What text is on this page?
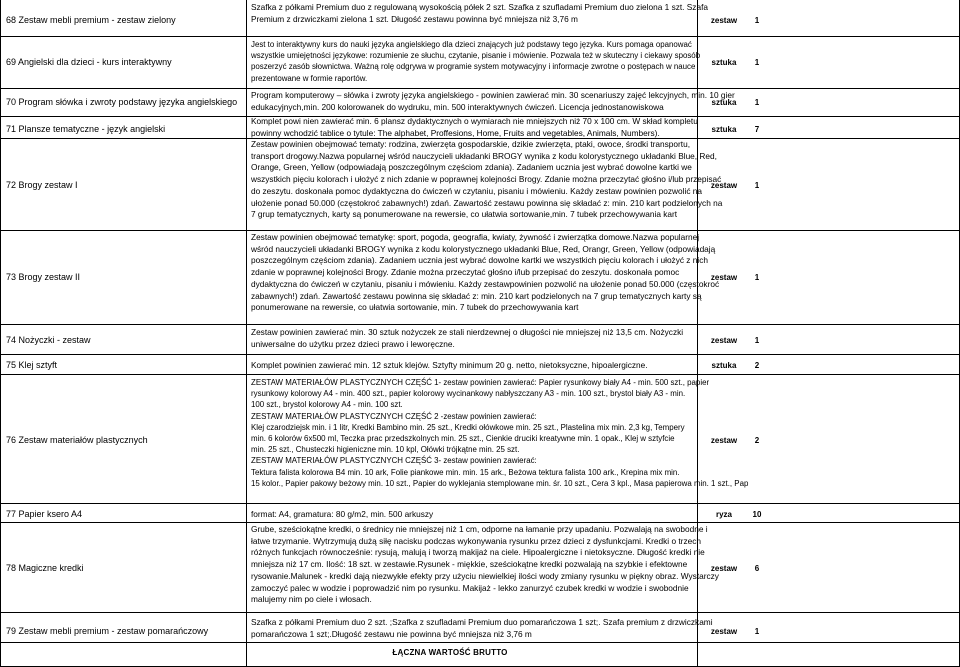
68 Zestaw mebli premium - zestaw zielony
Szafka z półkami Premium duo z regulowaną wysokością półek 2 szt. Szafka z szufladami Premium duo zielona 1 szt. Szafa
Premium z drzwiczkami zielona 1 szt. Długość zestawu powinna być mniejsza niż 3,76 m	zestaw	1
69 Angielski dla dzieci - kurs interaktywny
Jest to interaktywny kurs do nauki języka angielskiego dla dzieci znających już podstawy tego języka. Kurs pomaga opanować
wszystkie umiejętności językowe: rozumienie ze słuchu, czytanie, pisanie i mówienie. Pozwala też w skuteczny i ciekawy sposób
poszerzyć zasób słownictwa. Ważną rolę odgrywa w programie system motywacyjny i informacje zwrotne o postępach w nauce
prezentowane w formie raportów.
sztuka	1
70 Program słówka i zwroty podstawy języka angielskiego
Program komputerowy – słówka i zwroty języka angielskiego - powinien zawierać min. 30 scenariuszy zajęć lekcyjnych, min. 10 gier
edukacyjnych,min. 200 kolorowanek do wydruku, min. 500 interaktywnych ćwiczeń. Licencja jednostanowiskowa	sztuka	1
71 Plansze tematyczne - język angielski
Komplet powi nien zawierać min. 6 plansz dydaktycznych o wymiarach nie mniejszych niż 70 x 100 cm. W skład kompletu
powinny wchodzić tablice o tytule: The alphabet, Proffesions, Home, Fruits and vegetables, Animals, Numbers).	sztuka	7
72 Brogy zestaw I
Zestaw powinien obejmować tematy: rodzina, zwierzęta gospodarskie, dzikie zwierzęta, ptaki, owoce, środki transportu,
transport drogowy.Nazwa popularnej wśród nauczycieli układanki BROGY wynika z kodu kolorystycznego układanki Blue, Red,
Orange, Green, Yellow (odpowiadają poszczególnym częściom zdania). Zadaniem ucznia jest wybrać dowolne kartki we
wszystkich pięciu kolorach i ułożyć z nich zdanie w poprawnej kolejności Brogy. Zdanie można przeczytać głośno i/lub przepisać
do zeszytu. doskonała pomoc dydaktyczna do ćwiczeń w czytaniu, pisaniu i mówieniu. Każdy zestaw powinien pozwolić na
ułożenie ponad 50.000 (częstokroć zabawnych!) zdań. Zawartość zestawu powinna się składać z: min. 210 kart podzielonych na
7 grup tematycznych, karty są ponumerowane na rewersie, co ułatwia sortowanie,min. 7 tubek przechowywania kart
zestaw	1
73 Brogy zestaw II
Zestaw powinien obejmować tematykę: sport, pogoda, geografia, kwiaty, żywność i zwierzątka domowe.Nazwa popularnej
wśród nauczycieli układanki BROGY wynika z kodu kolorystycznego układanki Blue, Red, Orangr, Green, Yellow (odpowiadają
poszczególnym częściom zdania). Zadaniem ucznia jest wybrać dowolne kartki we wszystkich pięciu kolorach i ułożyć z nich
zdanie w poprawnej kolejności Brogy. Zdanie można przeczytać głośno i/lub przepisać do zeszytu. doskonała pomoc
dydaktyczna do ćwiczeń w czytaniu, pisaniu i mówieniu. Każdy zestawpowinien pozwolić na ułożenie ponad 50.000 (częstokroć
zabawnych!) zdań. Zawartość zestawu powinna się składać z: min. 210 kart podzielonych na 7 grup tematycznych karty są
ponumerowane na rewersie, co ułatwia sortowanie, min. 7 tubek do przechowywania kart
zestaw	1
74 Nożyczki - zestaw
Zestaw powinien zawierać min. 30 sztuk nożyczek ze stali nierdzewnej o długości nie mniejszej niż 13,5 cm. Nożyczki
uniwersalne do użytku przez dzieci prawo i leworęczne.	zestaw	1
75 Klej sztyft	Komplet powinien zawierać min. 12 sztuk klejów. Sztyfty minimum 20 g. netto, nietoksyczne, hipoalergiczne.	sztuka	2
76 Zestaw materiałów plastycznych
ZESTAW MATERIAŁÓW PLASTYCZNYCH CZĘŚĆ 1- zestaw powinien zawierać: Papier rysunkowy biały A4 - min. 500 szt., papier
rysunkowy kolorowy A4 - min. 400 szt., papier kolorowy wycinankowy nabłyszczany A3 - min. 100 szt., brystol biały A3 - min.
100 szt., brystol kolorowy A4 - min. 100 szt.
ZESTAW MATERIAŁÓW PLASTYCZNYCH CZĘŚĆ 2 -zestaw powinien zawierać:
Klej czarodziejsk min. i 1 litr, Kredki Bambino min. 25 szt., Kredki ołówkowe min. 25 szt., Plastelina mix min. 2,3 kg, Tempery
min. 6 kolorów 6x500 ml, Teczka prac przedszkolnych min. 25 szt., Cienkie druciki kreatywne min. 1 opak., Klej w sztyfcie
min. 25 szt., Chusteczki higieniczne min. 10 kpl, Ołówki trójkątne min. 25 szt.
ZESTAW MATERIAŁÓW PLASTYCZNYCH CZĘŚĆ 3- zestaw powinien zawierać:
Tektura falista kolorowa B4 min. 10 ark, Folie piankowe min. min. 15 ark., Beżowa tektura falista 100 ark., Krepina mix min.
15 kolor., Papier pakowy beżowy min. 10 szt., Papier do wyklejania stemplowane min. śr. 10 szt., Cera 3 kpl., Masa papierowa min. 1 szt., Pap
zestaw	2
77 Papier ksero A4	format: A4, gramatura: 80 g/m2, min. 500 arkuszy	ryza	10
78 Magiczne kredki
Grube, sześciokątne kredki, o średnicy nie mniejszej niż 1 cm, odporne na łamanie przy upadaniu. Pozwalają na swobodne i
łatwe trzymanie. Wytrzymują dużą siłę nacisku podczas wykonywania rysunku przez dzieci z dysfunkcjami. Kredki o trzech
różnych funkcjach równocześnie: rysują, malują i tworzą makijaż na ciele. Hipoalergiczne i nietoksyczne. Długość kredki nie
mniejsza niż 17 cm. Ilość: 18 szt. w zestawie.Rysunek - miękkie, sześciokątne kredki pozwalają na szybkie i efektowne
rysowanie.Malunek - kredki dają niezwykłe efekty przy użyciu niewielkiej ilości wody zmiany rysunku w piękny obraz. Wystarczy
zamoczyć palec w wodzie i poprowadzić nim po rysunku. Makijaż - lekko zanurzyć czubek kredki w wodzie i swobodnie
malujemy nim po ciele i włosach.
zestaw	6
79 Zestaw mebli premium - zestaw pomarańczowy
Szafka z półkami Premium duo 2 szt. ;Szafka z szufladami Premium duo pomarańczowa 1 szt;. Szafa premium z drzwiczkami
pomarańczowa 1 szt;.Długość zestawu nie powinna być mniejsza niż 3,76 m	zestaw	1
ŁĄCZNA WARTOŚĆ BRUTTO
